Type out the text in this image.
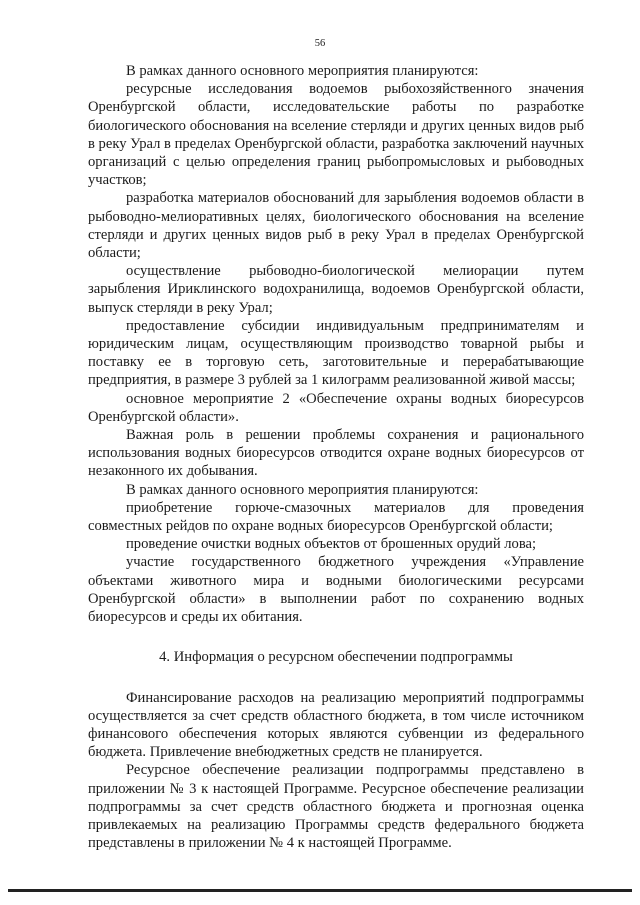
56

В рамках данного основного мероприятия планируются:

ресурсные исследования водоемов рыбохозяйственного значения Оренбургской области, исследовательские работы по разработке биологического обоснования на вселение стерляди и других ценных видов рыб в реку Урал в пределах Оренбургской области, разработка заключений научных организаций с целью определения границ рыбопромысловых и рыбоводных участков;

разработка материалов обоснований для зарыбления водоемов области в рыбоводно-мелиоративных целях, биологического обоснования на вселение стерляди и других ценных видов рыб в реку Урал в пределах Оренбургской области;

осуществление рыбоводно-биологической мелиорации путем зарыбления Ириклинского водохранилища, водоемов Оренбургской области, выпуск стерляди в реку Урал;

предоставление субсидии индивидуальным предпринимателям и юридическим лицам, осуществляющим производство товарной рыбы и поставку ее в торговую сеть, заготовительные и перерабатывающие предприятия, в размере 3 рублей за 1 килограмм реализованной живой массы;

основное мероприятие 2 «Обеспечение охраны водных биоресурсов Оренбургской области».

Важная роль в решении проблемы сохранения и рационального использования водных биоресурсов отводится охране водных биоресурсов от незаконного их добывания.

В рамках данного основного мероприятия планируются:

приобретение горюче-смазочных материалов для проведения совместных рейдов по охране водных биоресурсов Оренбургской области;

проведение очистки водных объектов от брошенных орудий лова;

участие государственного бюджетного учреждения «Управление объектами животного мира и водными биологическими ресурсами Оренбургской области» в выполнении работ по сохранению водных биоресурсов и среды их обитания.

4. Информация о ресурсном обеспечении подпрограммы

Финансирование расходов на реализацию мероприятий подпрограммы осуществляется за счет средств областного бюджета, в том числе источником финансового обеспечения которых являются субвенции из федерального бюджета. Привлечение внебюджетных средств не планируется.

Ресурсное обеспечение реализации подпрограммы представлено в приложении № 3 к настоящей Программе. Ресурсное обеспечение реализации подпрограммы за счет средств областного бюджета и прогнозная оценка привлекаемых на реализацию Программы средств федерального бюджета представлены в приложении № 4 к настоящей Программе.
